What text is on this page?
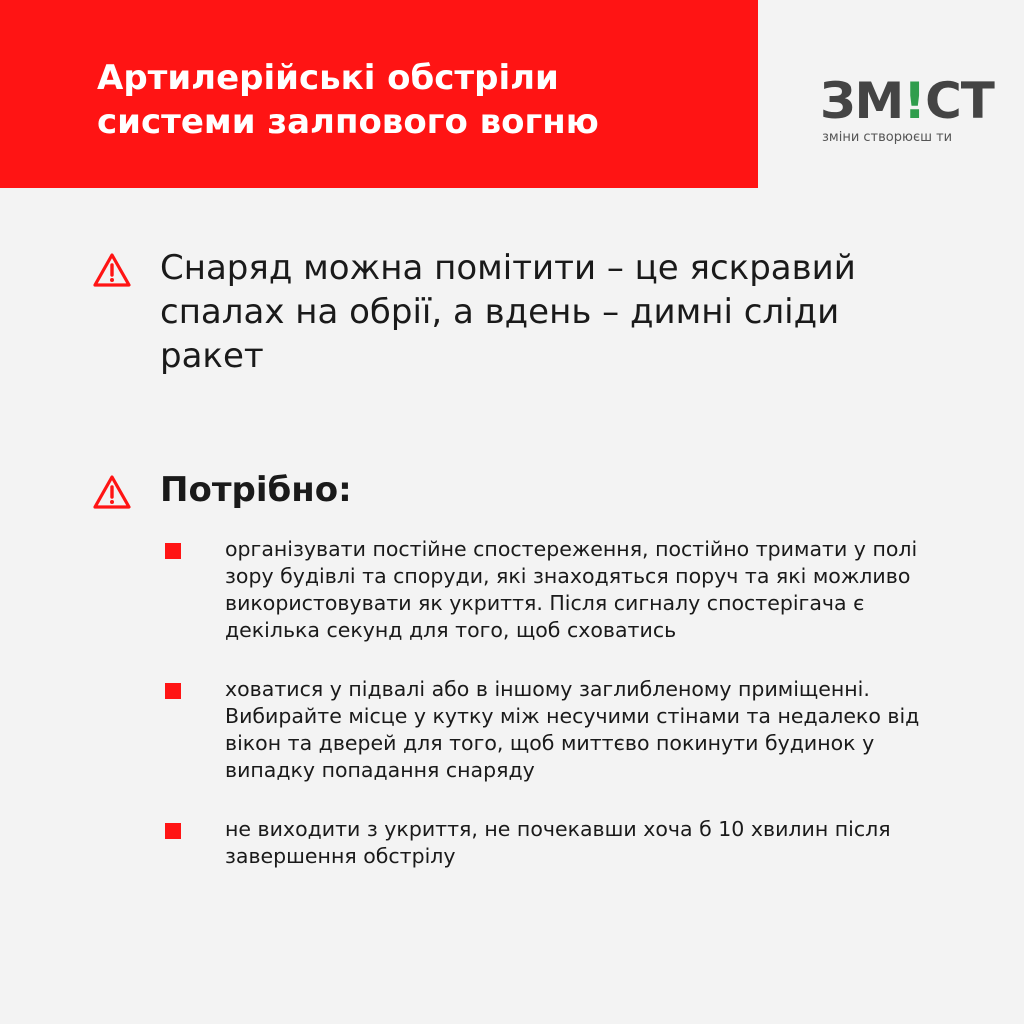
Артилерійські обстріли
системи залпового вогню	ЗМ!СТ
зміни створюєш ти

Снаряд можна помітити – це яскравий спалах на обрії, а вдень – димні сліди ракет

Потрібно:

організувати постійне спостереження, постійно тримати у полі зору будівлі та споруди, які знаходяться поруч та які можливо використовувати як укриття. Після сигналу спостерігача є декілька секунд для того, щоб сховатись

ховатися у підвалі або в іншому заглибленому приміщенні. Вибирайте місце у кутку між несучими стінами та недалеко від вікон та дверей для того, щоб миттєво покинути будинок у випадку попадання снаряду

не виходити з укриття, не почекавши хоча б 10 хвилин після завершення обстрілу
